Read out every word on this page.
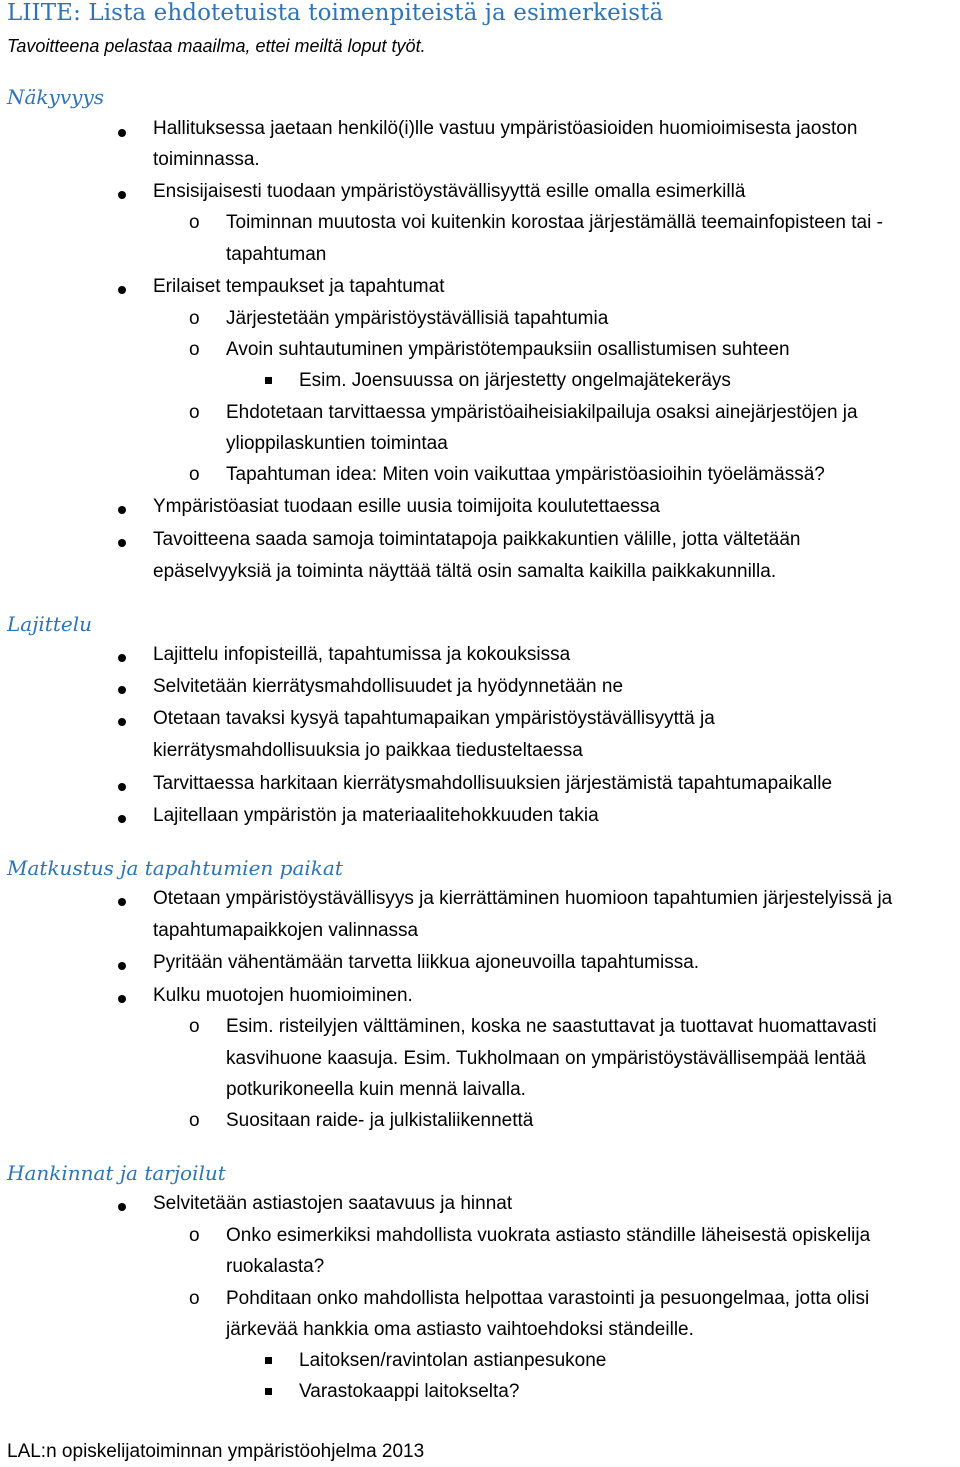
LIITE: Lista ehdotetuista toimenpiteistä ja esimerkeistä
Tavoitteena pelastaa maailma, ettei meiltä loput työt.
Näkyvyys
Hallituksessa jaetaan henkilö(i)lle vastuu ympäristöasioiden huomioimisesta jaoston
toiminnassa.
Ensisijaisesti tuodaan ympäristöystävällisyyttä esille omalla esimerkillä
o Toiminnan muutosta voi kuitenkin korostaa järjestämällä teemainfopisteen tai -
tapahtuman
Erilaiset tempaukset ja tapahtumat
o Järjestetään ympäristöystävällisiä tapahtumia
o Avoin suhtautuminen ympäristötempauksiin osallistumisen suhteen
Esim. Joensuussa on järjestetty ongelmajätekeräys
o Ehdotetaan tarvittaessa ympäristöaiheisiakilpailuja osaksi ainejärjestöjen ja
ylioppilaskuntien toimintaa
o Tapahtuman idea: Miten voin vaikuttaa ympäristöasioihin työelämässä?
Ympäristöasiat tuodaan esille uusia toimijoita koulutettaessa
Tavoitteena saada samoja toimintatapoja paikkakuntien välille, jotta vältetään
epäselvyyksiä ja toiminta näyttää tältä osin samalta kaikilla paikkakunnilla.
Lajittelu
Lajittelu infopisteillä, tapahtumissa ja kokouksissa
Selvitetään kierrätysmahdollisuudet ja hyödynnetään ne
Otetaan tavaksi kysyä tapahtumapaikan ympäristöystävällisyyttä ja
kierrätysmahdollisuuksia jo paikkaa tiedusteltaessa
Tarvittaessa harkitaan kierrätysmahdollisuuksien järjestämistä tapahtumapaikalle
Lajitellaan ympäristön ja materiaalitehokkuuden takia
Matkustus ja tapahtumien paikat
Otetaan ympäristöystävällisyys ja kierrättäminen huomioon tapahtumien järjestelyissä ja
tapahtumapaikkojen valinnassa
Pyritään vähentämään tarvetta liikkua ajoneuvoilla tapahtumissa.
Kulku muotojen huomioiminen.
o Esim. risteilyjen välttäminen, koska ne saastuttavat ja tuottavat huomattavasti
kasvihuone kaasuja. Esim. Tukholmaan on ympäristöystävällisempää lentää
potkurikoneella kuin mennä laivalla.
o Suositaan raide- ja julkistaliikennettä
Hankinnat ja tarjoilut
Selvitetään astiastojen saatavuus ja hinnat
o Onko esimerkiksi mahdollista vuokrata astiasto ständille läheisestä opiskelija
ruokalasta?
o Pohditaan onko mahdollista helpottaa varastointi ja pesuongelmaa, jotta olisi
järkevää hankkia oma astiasto vaihtoehdoksi ständeille.
Laitoksen/ravintolan astianpesukone
Varastokaappi laitokselta?
LAL:n opiskelijatoiminnan ympäristöohjelma 2013
